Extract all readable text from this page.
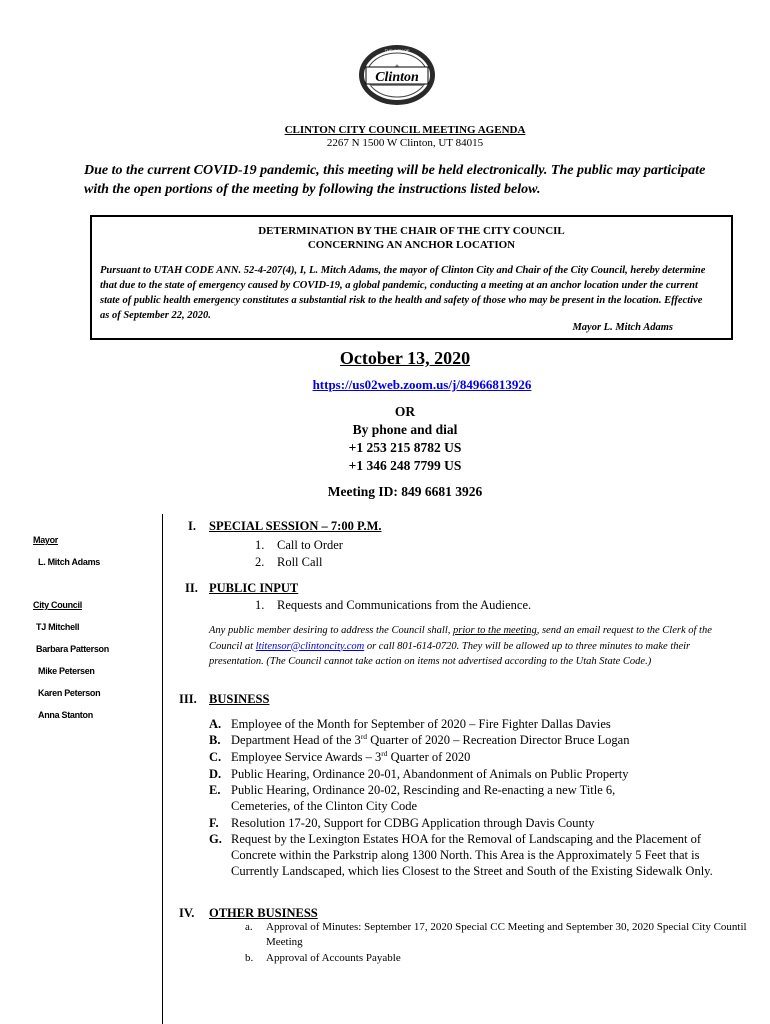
THE CITY OF
Clinton
CLINTON CITY COUNCIL MEETING AGENDA
2267 N 1500 W Clinton, UT 84015
Due to the current COVID-19 pandemic, this meeting will be held electronically. The public may participate with the open portions of the meeting by following the instructions listed below.
DETERMINATION BY THE CHAIR OF THE CITY COUNCIL
CONCERNING AN ANCHOR LOCATION
Pursuant to UTAH CODE ANN. 52-4-207(4), I, L. Mitch Adams, the mayor of Clinton City and Chair of the City Council, hereby determine that due to the state of emergency caused by COVID-19, a global pandemic, conducting a meeting at an anchor location under the current state of public health emergency constitutes a substantial risk to the health and safety of those who may be present in the location. Effective as of September 22, 2020.
Mayor L. Mitch Adams
October 13, 2020
https://us02web.zoom.us/j/84966813926
OR
By phone and dial
+1 253 215 8782 US
+1 346 248 7799 US
Meeting ID: 849 6681 3926
Mayor
L. Mitch Adams
City Council
TJ Mitchell
Barbara Patterson
Mike Petersen
Karen Peterson
Anna Stanton
I. SPECIAL SESSION – 7:00 P.M.
1. Call to Order
2. Roll Call
II. PUBLIC INPUT
1. Requests and Communications from the Audience.
Any public member desiring to address the Council shall, prior to the meeting, send an email request to the Clerk of the Council at ltitensor@clintoncity.com or call 801-614-0720. They will be allowed up to three minutes to make their presentation. (The Council cannot take action on items not advertised according to the Utah State Code.)
III. BUSINESS
A. Employee of the Month for September of 2020 – Fire Fighter Dallas Davies
B. Department Head of the 3rd Quarter of 2020 – Recreation Director Bruce Logan
C. Employee Service Awards – 3rd Quarter of 2020
D. Public Hearing, Ordinance 20-01, Abandonment of Animals on Public Property
E. Public Hearing, Ordinance 20-02, Rescinding and Re-enacting a new Title 6, Cemeteries, of the Clinton City Code
F. Resolution 17-20, Support for CDBG Application through Davis County
G. Request by the Lexington Estates HOA for the Removal of Landscaping and the Placement of Concrete within the Parkstrip along 1300 North. This Area is the Approximately 5 Feet that is Currently Landscaped, which lies Closest to the Street and South of the Existing Sidewalk Only.
IV. OTHER BUSINESS
a. Approval of Minutes: September 17, 2020 Special CC Meeting and September 30, 2020 Special City Countil Meeting
b. Approval of Accounts Payable
